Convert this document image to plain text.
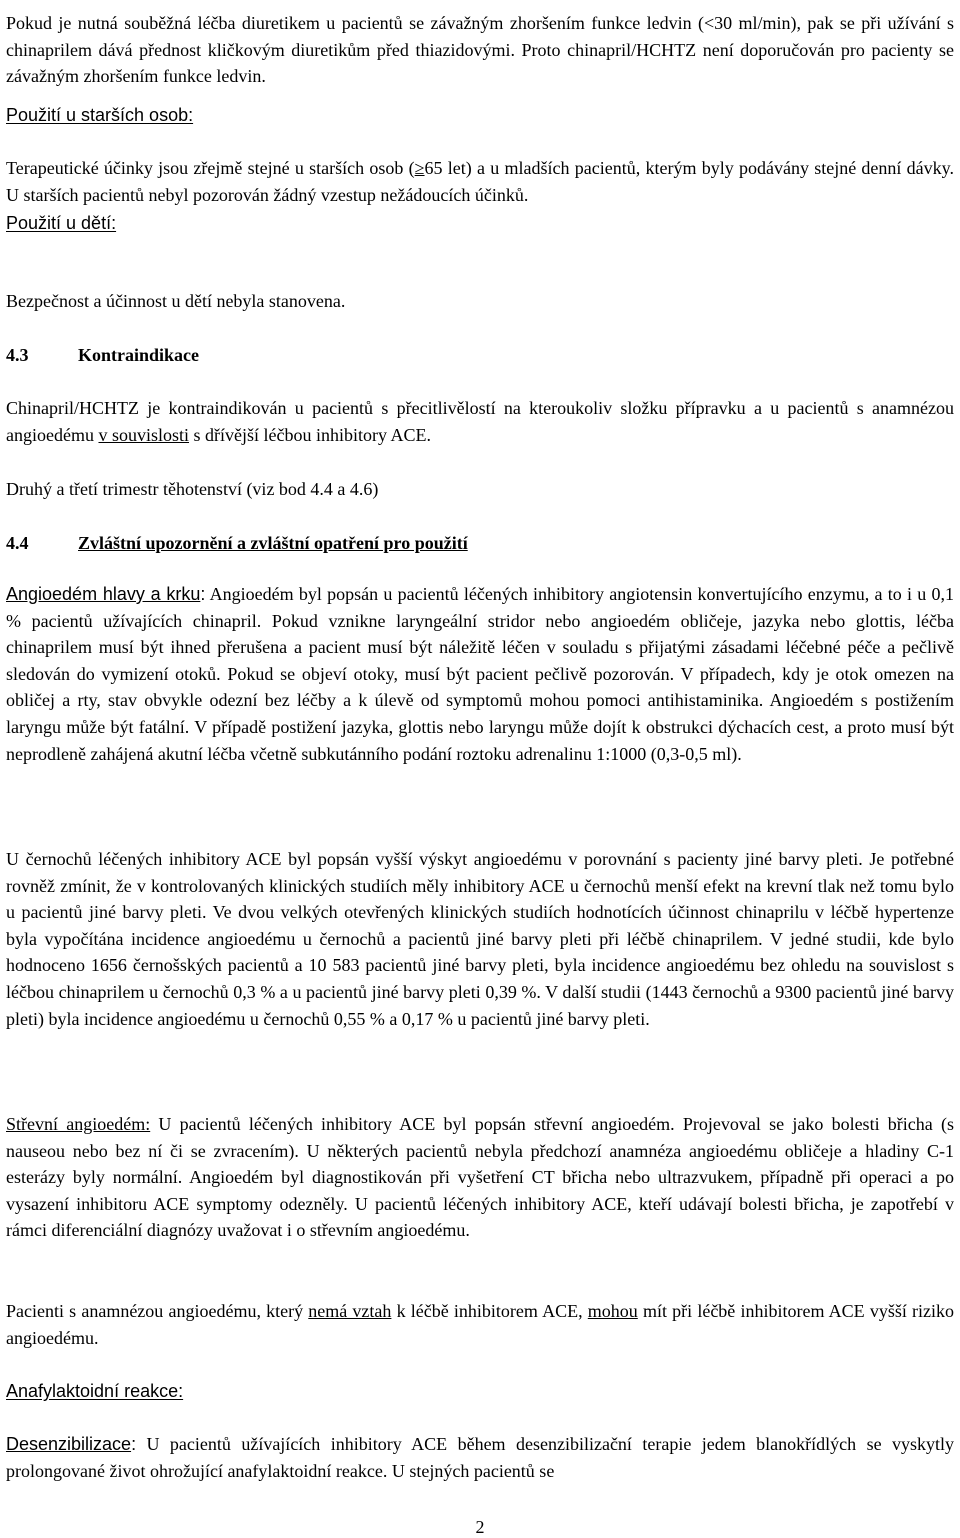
Pokud je nutná souběžná léčba diuretikem u pacientů se závažným zhoršením funkce ledvin (<30 ml/min), pak se při užívání s chinaprilem dává přednost kličkovým diuretikům před thiazidovými. Proto chinapril/HCHTZ není doporučován pro pacienty se závažným zhoršením funkce ledvin.

Použití u starších osob:

Terapeutické účinky jsou zřejmě stejné u starších osob (≥65 let) a u mladších pacientů, kterým byly podávány stejné denní dávky. U starších pacientů nebyl pozorován žádný vzestup nežádoucích účinků.

Použití u dětí:

Bezpečnost a účinnost u dětí nebyla stanovena.

4.3	Kontraindikace

Chinapril/HCHTZ je kontraindikován u pacientů s přecitlivělostí na kteroukoliv složku přípravku a u pacientů s anamnézou angioedému v souvislosti s dřívější léčbou inhibitory ACE.

Druhý a třetí trimestr těhotenství (viz bod 4.4 a 4.6)

4.4	Zvláštní upozornění a zvláštní opatření pro použití

Angioedém hlavy a krku: Angioedém byl popsán u pacientů léčených inhibitory angiotensin konvertujícího enzymu, a to i u 0,1 % pacientů užívajících chinapril. Pokud vznikne laryngeální stridor nebo angioedém obličeje, jazyka nebo glottis, léčba chinaprilem musí být ihned přerušena a pacient musí být náležitě léčen v souladu s přijatými zásadami léčebné péče a pečlivě sledován do vymizení otoků. Pokud se objeví otoky, musí být pacient pečlivě pozorován. V případech, kdy je otok omezen na obličej a rty, stav obvykle odezní bez léčby a k úlevě od symptomů mohou pomoci antihistaminika. Angioedém s postižením laryngu může být fatální. V případě postižení jazyka, glottis nebo laryngu může dojít k obstrukci dýchacích cest, a proto musí být neprodleně zahájená akutní léčba včetně subkutánního podání roztoku adrenalinu 1:1000 (0,3-0,5 ml).

U černochů léčených inhibitory ACE byl popsán vyšší výskyt angioedému v porovnání s pacienty jiné barvy pleti. Je potřebné rovněž zmínit, že v kontrolovaných klinických studiích měly inhibitory ACE u černochů menší efekt na krevní tlak než tomu bylo u pacientů jiné barvy pleti. Ve dvou velkých otevřených klinických studiích hodnotících účinnost chinaprilu v léčbě hypertenze byla vypočítána incidence angioedému u černochů a pacientů jiné barvy pleti při léčbě chinaprilem. V jedné studii, kde bylo hodnoceno 1656 černošských pacientů a 10 583 pacientů jiné barvy pleti, byla incidence angioedému bez ohledu na souvislost s léčbou chinaprilem u černochů 0,3 % a u pacientů jiné barvy pleti 0,39 %. V další studii (1443 černochů a 9300 pacientů jiné barvy pleti) byla incidence angioedému u černochů 0,55 % a 0,17 % u pacientů jiné barvy pleti.

Střevní angioedém: U pacientů léčených inhibitory ACE byl popsán střevní angioedém. Projevoval se jako bolesti břicha (s nauseou nebo bez ní či se zvracením). U některých pacientů nebyla předchozí anamnéza angioedému obličeje a hladiny C-1 esterázy byly normální. Angioedém byl diagnostikován při vyšetření CT břicha nebo ultrazvukem, případně při operaci a po vysazení inhibitoru ACE symptomy odezněly. U pacientů léčených inhibitory ACE, kteří udávají bolesti břicha, je zapotřebí v rámci diferenciální diagnózy uvažovat i o střevním angioedému.

Pacienti s anamnézou angioedému, který nemá vztah k léčbě inhibitorem ACE, mohou mít při léčbě inhibitorem ACE vyšší riziko angioedému.

Anafylaktoidní reakce:

Desenzibilizace: U pacientů užívajících inhibitory ACE během desenzibilizační terapie jedem blanokřídlých se vyskytly prolongované život ohrožující anafylaktoidní reakce. U stejných pacientů se

2
